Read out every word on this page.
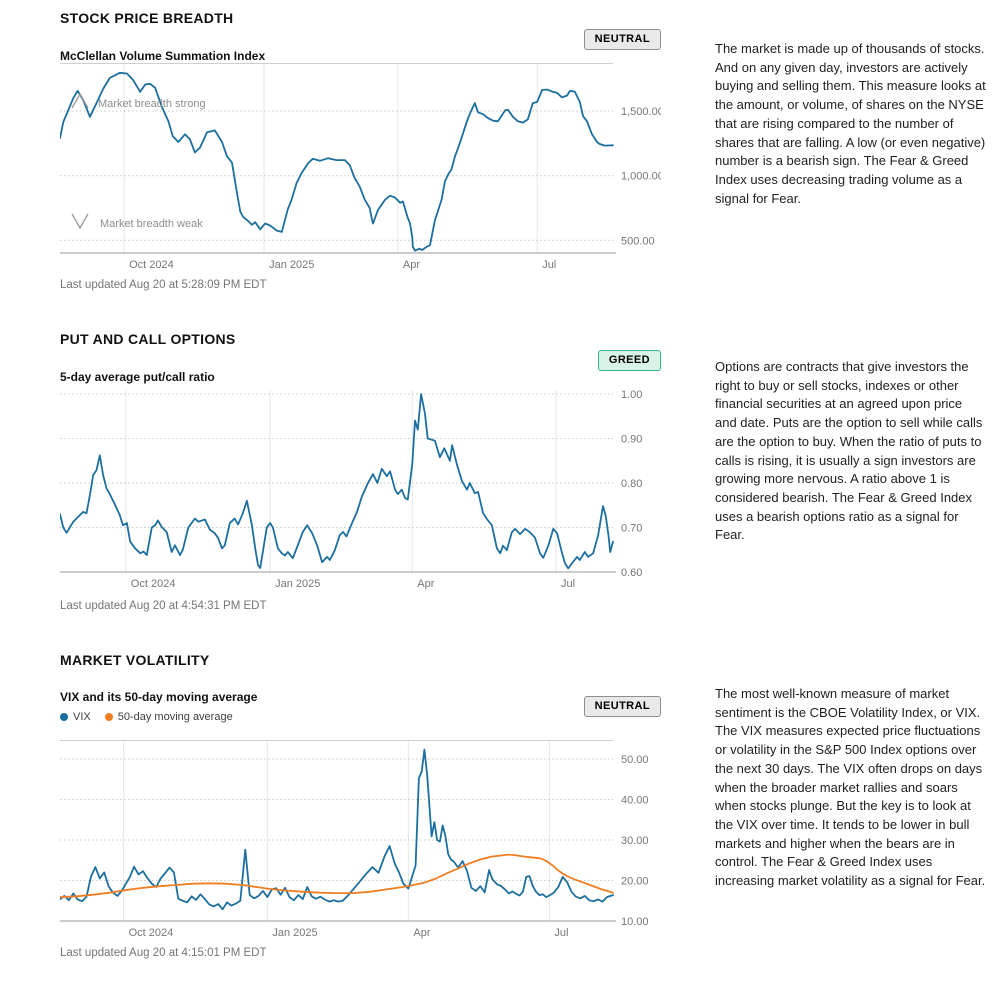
STOCK PRICE BREADTH
NEUTRAL
McClellan Volume Summation Index
1,500.00
1,000.00
500.00
Oct 2024	Jan 2025	Apr	Jul
Market breadth strong
Market breadth weak
Last updated Aug 20 at 5:28:09 PM EDT

The market is made up of thousands of stocks. And on any given day, investors are actively buying and selling them. This measure looks at the amount, or volume, of shares on the NYSE that are rising compared to the number of shares that are falling. A low (or even negative) number is a bearish sign. The Fear & Greed Index uses decreasing trading volume as a signal for Fear.

PUT AND CALL OPTIONS
GREED
5-day average put/call ratio
1.00
0.90
0.80
0.70
0.60
Oct 2024	Jan 2025	Apr	Jul
Last updated Aug 20 at 4:54:31 PM EDT

Options are contracts that give investors the right to buy or sell stocks, indexes or other financial securities at an agreed upon price and date. Puts are the option to sell while calls are the option to buy. When the ratio of puts to calls is rising, it is usually a sign investors are growing more nervous. A ratio above 1 is considered bearish. The Fear & Greed Index uses a bearish options ratio as a signal for Fear.

MARKET VOLATILITY
VIX and its 50-day moving average
NEUTRAL
VIX 50-day moving average
50.00
40.00
30.00
20.00
10.00
Oct 2024	Jan 2025	Apr	Jul
Last updated Aug 20 at 4:15:01 PM EDT

The most well-known measure of market sentiment is the CBOE Volatility Index, or VIX. The VIX measures expected price fluctuations or volatility in the S&P 500 Index options over the next 30 days. The VIX often drops on days when the broader market rallies and soars when stocks plunge. But the key is to look at the VIX over time. It tends to be lower in bull markets and higher when the bears are in control. The Fear & Greed Index uses increasing market volatility as a signal for Fear.
